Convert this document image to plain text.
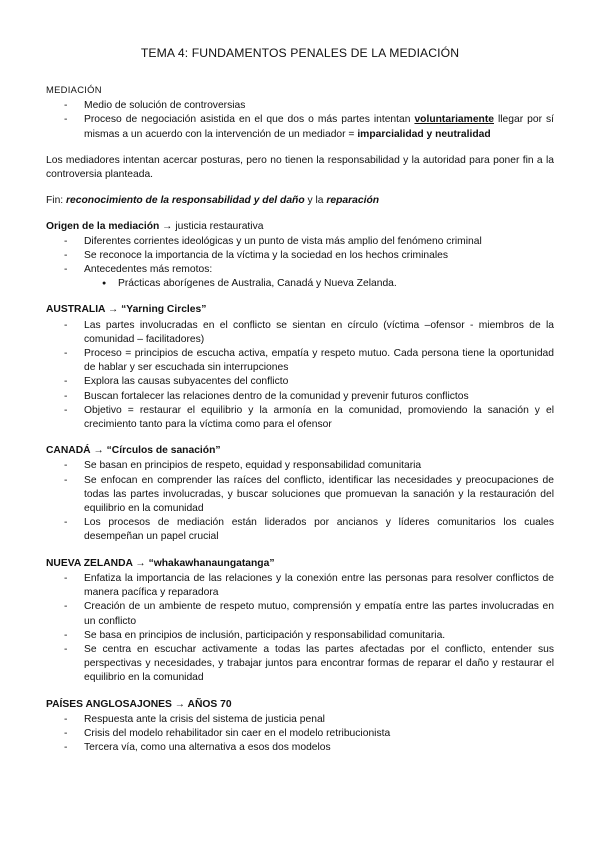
TEMA 4: FUNDAMENTOS PENALES DE LA MEDIACIÓN
MEDIACIÓN
- Medio de solución de controversias
- Proceso de negociación asistida en el que dos o más partes intentan voluntariamente llegar por sí mismas a un acuerdo con la intervención de un mediador = imparcialidad y neutralidad

Los mediadores intentan acercar posturas, pero no tienen la responsabilidad y la autoridad para poner fin a la controversia planteada.

Fin: reconocimiento de la responsabilidad y del daño y la reparación

Origen de la mediación → justicia restaurativa
- Diferentes corrientes ideológicas y un punto de vista más amplio del fenómeno criminal
- Se reconoce la importancia de la víctima y la sociedad en los hechos criminales
- Antecedentes más remotos:
● Prácticas aborígenes de Australia, Canadá y Nueva Zelanda.
AUSTRALIA → “Yarning Circles”
- Las partes involucradas en el conflicto se sientan en círculo (víctima –ofensor - miembros de la comunidad – facilitadores)
- Proceso = principios de escucha activa, empatía y respeto mutuo. Cada persona tiene la oportunidad de hablar y ser escuchada sin interrupciones
- Explora las causas subyacentes del conflicto
- Buscan fortalecer las relaciones dentro de la comunidad y prevenir futuros conflictos
- Objetivo = restaurar el equilibrio y la armonía en la comunidad, promoviendo la sanación y el crecimiento tanto para la víctima como para el ofensor
CANADÁ → “Círculos de sanación”
- Se basan en principios de respeto, equidad y responsabilidad comunitaria
- Se enfocan en comprender las raíces del conflicto, identificar las necesidades y preocupaciones de todas las partes involucradas, y buscar soluciones que promuevan la sanación y la restauración del equilibrio en la comunidad
- Los procesos de mediación están liderados por ancianos y líderes comunitarios los cuales desempeñan un papel crucial
NUEVA ZELANDA → “whakawhanaungatanga”
- Enfatiza la importancia de las relaciones y la conexión entre las personas para resolver conflictos de manera pacífica y reparadora
- Creación de un ambiente de respeto mutuo, comprensión y empatía entre las partes involucradas en un conflicto
- Se basa en principios de inclusión, participación y responsabilidad comunitaria.
- Se centra en escuchar activamente a todas las partes afectadas por el conflicto, entender sus perspectivas y necesidades, y trabajar juntos para encontrar formas de reparar el daño y restaurar el equilibrio en la comunidad
PAÍSES ANGLOSAJONES → AÑOS 70
- Respuesta ante la crisis del sistema de justicia penal
- Crisis del modelo rehabilitador sin caer en el modelo retribucionista
- Tercera vía, como una alternativa a esos dos modelos
